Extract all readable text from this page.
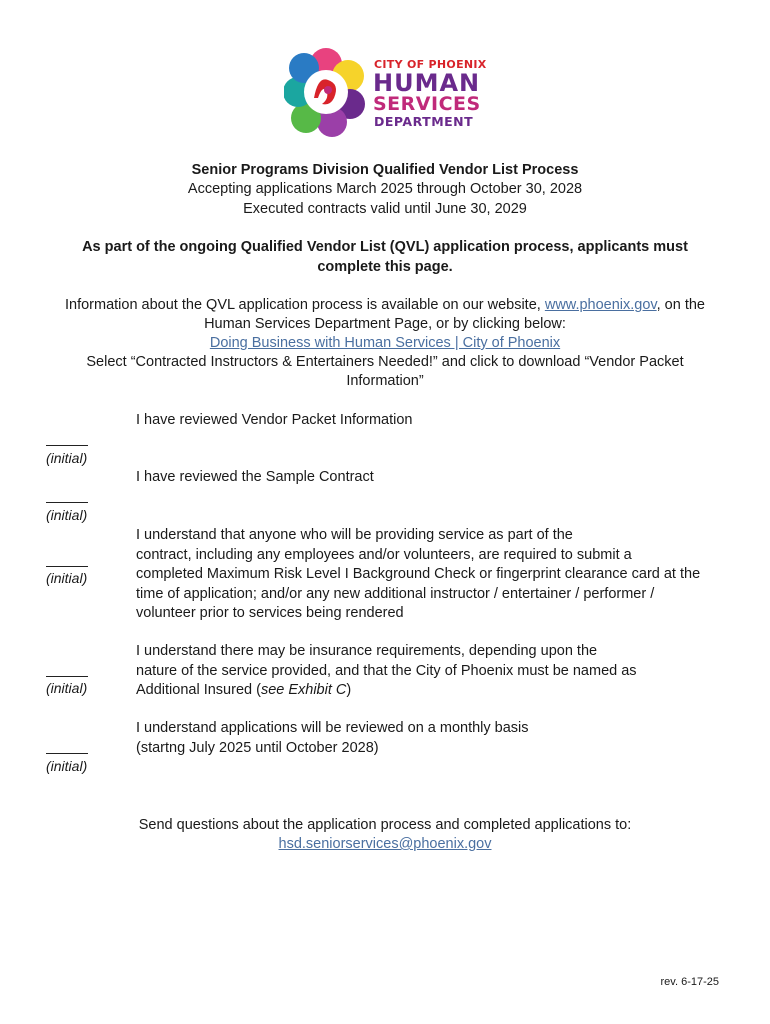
CITY OF PHOENIX
HUMAN
SERVICES
DEPARTMENT
Senior Programs Division Qualified Vendor List Process
Accepting applications March 2025 through October 30, 2028
Executed contracts valid until June 30, 2029
As part of the ongoing Qualified Vendor List (QVL) application process, applicants must
complete this page.
Information about the QVL application process is available on our website, www.phoenix.gov, on the
Human Services Department Page, or by clicking below:
Doing Business with Human Services | City of Phoenix
Select “Contracted Instructors & Entertainers Needed!” and click to download “Vendor Packet
Information”
I have reviewed Vendor Packet Information
(initial)
I have reviewed the Sample Contract
(initial)
I understand that anyone who will be providing service as part of the
contract, including any employees and/or volunteers, are required to submit a
completed Maximum Risk Level I Background Check or fingerprint clearance card at the
time of application; and/or any new additional instructor / entertainer / performer /
volunteer prior to services being rendered
(initial)
I understand there may be insurance requirements, depending upon the
nature of the service provided, and that the City of Phoenix must be named as
Additional Insured (see Exhibit C)
(initial)
I understand applications will be reviewed on a monthly basis
(startng July 2025 until October 2028)
(initial)
Send questions about the application process and completed applications to:
hsd.seniorservices@phoenix.gov
rev. 6-17-25
